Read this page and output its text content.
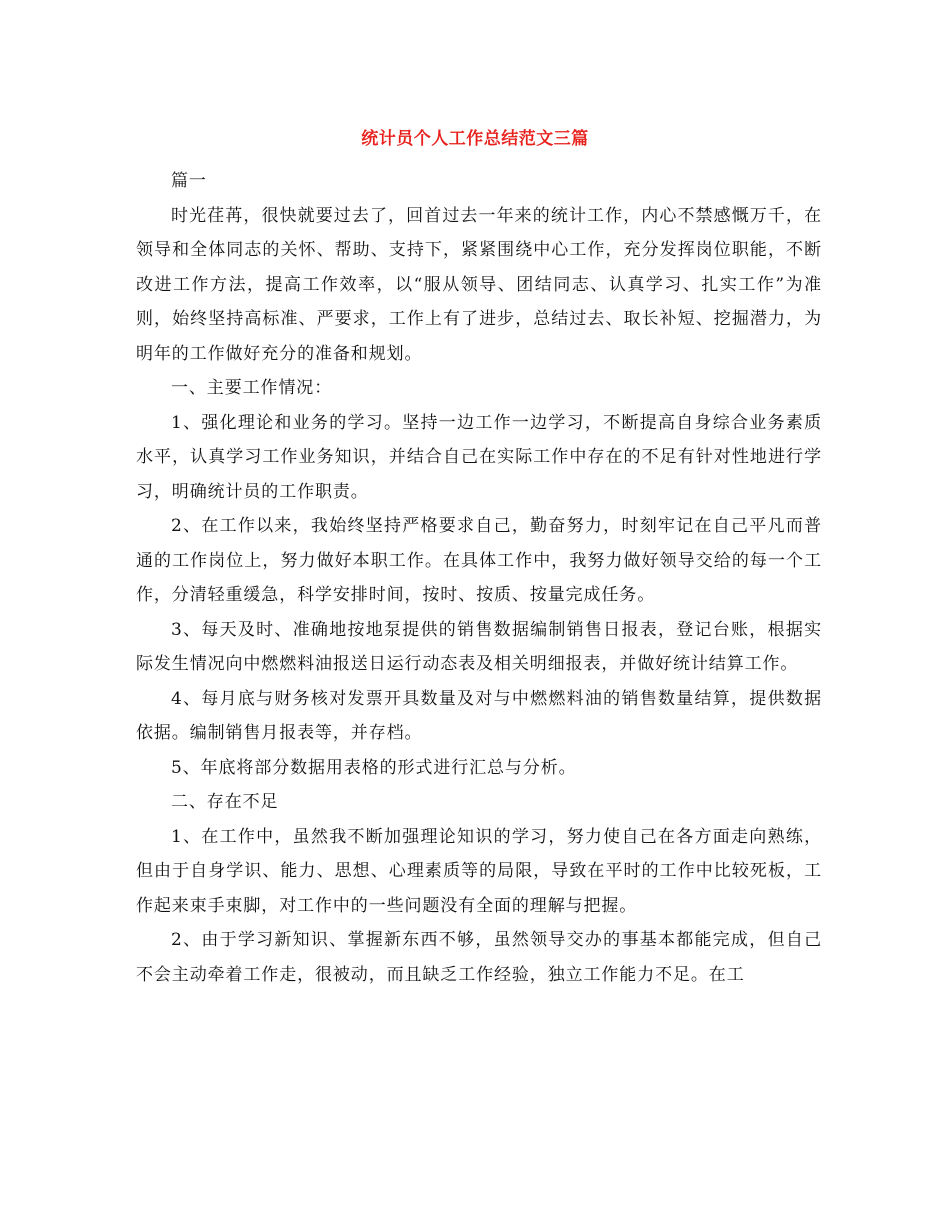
统计员个人工作总结范文三篇

篇一

时光荏苒，很快就要过去了，回首过去一年来的统计工作，内心不禁感慨万千，在领导和全体同志的关怀、帮助、支持下，紧紧围绕中心工作，充分发挥岗位职能，不断改进工作方法，提高工作效率，以“服从领导、团结同志、认真学习、扎实工作”为准则，始终坚持高标准、严要求，工作上有了进步，总结过去、取长补短、挖掘潜力，为明年的工作做好充分的准备和规划。

一、主要工作情况：

1、强化理论和业务的学习。坚持一边工作一边学习，不断提高自身综合业务素质水平，认真学习工作业务知识，并结合自己在实际工作中存在的不足有针对性地进行学习，明确统计员的工作职责。

2、在工作以来，我始终坚持严格要求自己，勤奋努力，时刻牢记在自己平凡而普通的工作岗位上，努力做好本职工作。在具体工作中，我努力做好领导交给的每一个工作，分清轻重缓急，科学安排时间，按时、按质、按量完成任务。

3、每天及时、准确地按地泵提供的销售数据编制销售日报表，登记台账，根据实际发生情况向中燃燃料油报送日运行动态表及相关明细报表，并做好统计结算工作。

4、每月底与财务核对发票开具数量及对与中燃燃料油的销售数量结算，提供数据依据。编制销售月报表等，并存档。

5、年底将部分数据用表格的形式进行汇总与分析。

二、存在不足

1、在工作中，虽然我不断加强理论知识的学习，努力使自己在各方面走向熟练，但由于自身学识、能力、思想、心理素质等的局限，导致在平时的工作中比较死板，工作起来束手束脚，对工作中的一些问题没有全面的理解与把握。

2、由于学习新知识、掌握新东西不够，虽然领导交办的事基本都能完成，但自己不会主动牵着工作走，很被动，而且缺乏工作经验，独立工作能力不足。在工
